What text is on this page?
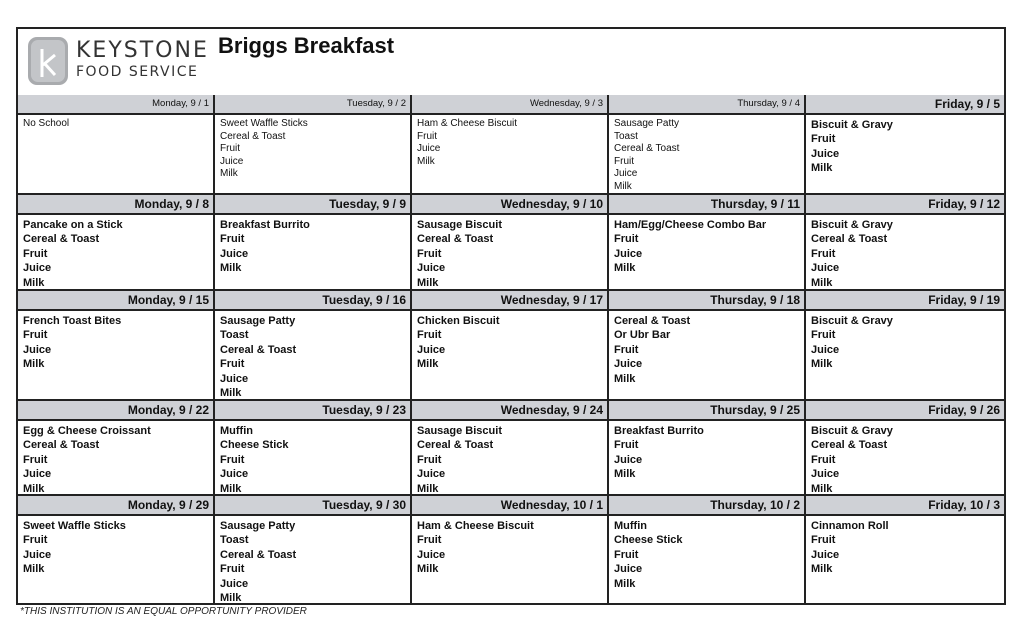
KEYSTONE
FOOD SERVICE
Briggs Breakfast
Monday, 9 / 1
No School
Tuesday, 9 / 2
Sweet Waffle Sticks
Cereal & Toast
Fruit
Juice
Milk
Wednesday, 9 / 3
Ham & Cheese Biscuit
Fruit
Juice
Milk
Thursday, 9 / 4
Sausage Patty
Toast
Cereal & Toast
Fruit
Juice
Milk
Friday, 9 / 5
Biscuit & Gravy
Fruit
Juice
Milk
Monday, 9 / 8
Pancake on a Stick
Cereal & Toast
Fruit
Juice
Milk
Tuesday, 9 / 9
Breakfast Burrito
Fruit
Juice
Milk
Wednesday, 9 / 10
Sausage Biscuit
Cereal & Toast
Fruit
Juice
Milk
Thursday, 9 / 11
Ham/Egg/Cheese Combo Bar
Fruit
Juice
Milk
Friday, 9 / 12
Biscuit & Gravy
Cereal & Toast
Fruit
Juice
Milk
Monday, 9 / 15
French Toast Bites
Fruit
Juice
Milk
Tuesday, 9 / 16
Sausage Patty
Toast
Cereal & Toast
Fruit
Juice
Milk
Wednesday, 9 / 17
Chicken Biscuit
Fruit
Juice
Milk
Thursday, 9 / 18
Cereal & Toast
Or Ubr Bar
Fruit
Juice
Milk
Friday, 9 / 19
Biscuit & Gravy
Fruit
Juice
Milk
Monday, 9 / 22
Egg & Cheese Croissant
Cereal & Toast
Fruit
Juice
Milk
Tuesday, 9 / 23
Muffin
Cheese Stick
Fruit
Juice
Milk
Wednesday, 9 / 24
Sausage Biscuit
Cereal & Toast
Fruit
Juice
Milk
Thursday, 9 / 25
Breakfast Burrito
Fruit
Juice
Milk
Friday, 9 / 26
Biscuit & Gravy
Cereal & Toast
Fruit
Juice
Milk
Monday, 9 / 29
Sweet Waffle Sticks
Fruit
Juice
Milk
Tuesday, 9 / 30
Sausage Patty
Toast
Cereal & Toast
Fruit
Juice
Milk
Wednesday, 10 / 1
Ham & Cheese Biscuit
Fruit
Juice
Milk
Thursday, 10 / 2
Muffin
Cheese Stick
Fruit
Juice
Milk
Friday, 10 / 3
Cinnamon Roll
Fruit
Juice
Milk
*THIS INSTITUTION IS AN EQUAL OPPORTUNITY PROVIDER
